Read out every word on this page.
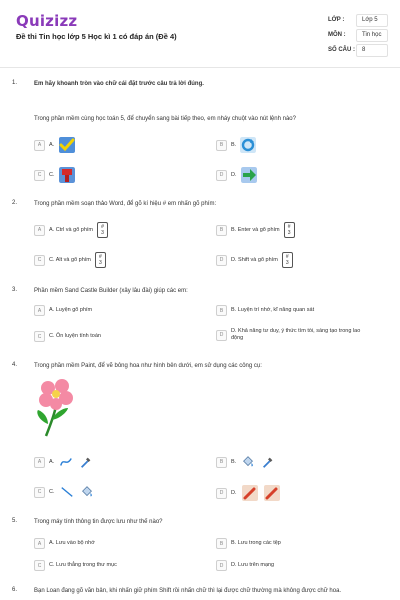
Quizizz
Đề thi Tin học lớp 5 Học kì 1 có đáp án (Đề 4)
LỚP :	Lớp 5
MÔN :	Tin học
SỐ CÂU : 8
1.	Em hãy khoanh tròn vào chữ cái đặt trước câu trả lời đúng.
Trong phần mềm cùng học toán 5, để chuyển sang bài tiếp theo, em nháy chuột vào nút lệnh nào?
A	A.	B	B.
C	C.	D	D.
2.	Trong phần mềm soạn thảo Word, để gõ kí hiệu # em nhấn gõ phím:
A	A. Ctrl và gõ phím #
3	B	B. Enter và gõ phím #
3
C	C. Alt và gõ phím #
3	D	D. Shift và gõ phím #
3
3.	Phần mềm Sand Castle Builder (xây lâu đài) giúp các em:
A	A. Luyện gõ phím	B	B. Luyện trí nhớ, kĩ năng quan sát
C	C. Ôn luyện tính toán	D
D. Khả năng tư duy, ý thức tìm tòi, sáng tạo trong lao động
4.	Trong phần mềm Paint, để vẽ bông hoa như hình bên dưới, em sử dụng các công cụ:
A	A.	B	B.
C	C.	D	D.
5.	Trong máy tính thông tin được lưu như thế nào?
A	A. Lưu vào bộ nhớ	B	B. Lưu trong các tệp
C	C. Lưu thẳng trong thư mục	D	D. Lưu trên mạng
6.	Bạn Loan đang gõ văn bản, khi nhấn giữ phím Shift rồi nhấn chữ thì lại được chữ thường mà không được chữ hoa.
